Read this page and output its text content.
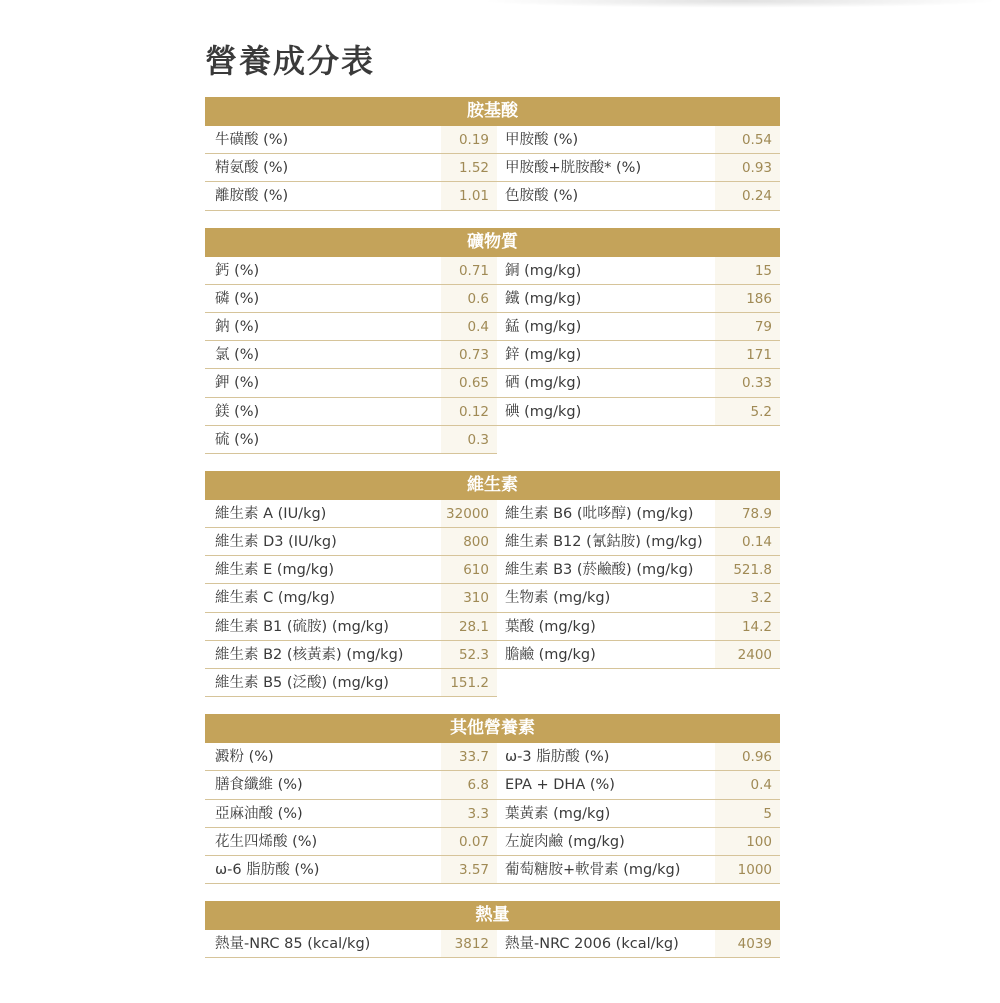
營養成分表
胺基酸
牛磺酸 (%)	0.19	甲胺酸 (%)	0.54
精氨酸 (%)	1.52	甲胺酸+胱胺酸* (%)	0.93
離胺酸 (%)	1.01	色胺酸 (%)	0.24
礦物質
鈣 (%)	0.71	銅 (mg/kg)	15
磷 (%)	0.6	鐵 (mg/kg)	186
鈉 (%)	0.4	錳 (mg/kg)	79
氯 (%)	0.73	鋅 (mg/kg)	171
鉀 (%)	0.65	硒 (mg/kg)	0.33
鎂 (%)	0.12	碘 (mg/kg)	5.2
硫 (%)	0.3
維生素
維生素 A (IU/kg)	32000	維生素 B6 (吡哆醇) (mg/kg)	78.9
維生素 D3 (IU/kg)	800	維生素 B12 (氰鈷胺) (mg/kg)	0.14
維生素 E (mg/kg)	610	維生素 B3 (菸鹼酸) (mg/kg)	521.8
維生素 C (mg/kg)	310	生物素 (mg/kg)	3.2
維生素 B1 (硫胺) (mg/kg)	28.1	葉酸 (mg/kg)	14.2
維生素 B2 (核黃素) (mg/kg)	52.3	膽鹼 (mg/kg)	2400
維生素 B5 (泛酸) (mg/kg)	151.2
其他營養素
澱粉 (%)	33.7	ω-3 脂肪酸 (%)	0.96
膳食纖維 (%)	6.8	EPA + DHA (%)	0.4
亞麻油酸 (%)	3.3	葉黃素 (mg/kg)	5
花生四烯酸 (%)	0.07	左旋肉鹼 (mg/kg)	100
ω-6 脂肪酸 (%)	3.57	葡萄糖胺+軟骨素 (mg/kg)	1000
熱量
熱量-NRC 85 (kcal/kg)	3812	熱量-NRC 2006 (kcal/kg)	4039
